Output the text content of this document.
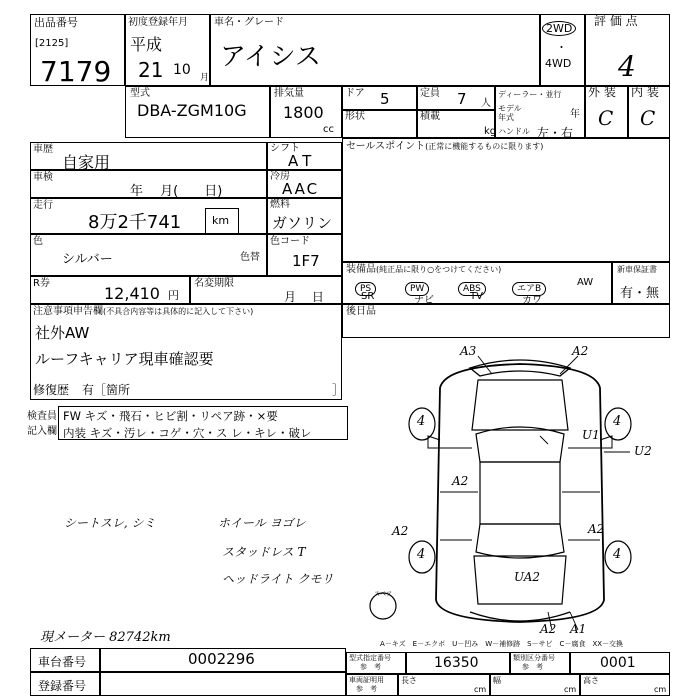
出品番号
[2125]
7179
初度登録年月
平成
21 10 月
車名・グレード
アイシス
2WD
・
4WD
評 価 点
4
型式
DBA-ZGM10G
排気量
1800
cc
ドア 5	定員 7 人
形状	積載
kg
ディーラー・並行
モデル年式	年
ハンドル 左・右
外 装
C
内 装
C
車歴
自家用
車検
年　 月(　　日)
走行
8万2千741	km
色
シルバー	色替
シフト
AT
冷房
AAC
燃料
ガソリン
色コード
1F7
セールスポイント(正常に機能するものに限ります)
装備品(純正品に限り○をつけてください)
PS	PW	ABS	エアB
AW
SR	ナビ	TV	カワ
新車保証書
有・無
R券
12,410 円
名変期限
月　 日
後日品
注意事項申告欄(不具合内容等は具体的に記入して下さい)
社外AW
ルーフキャリア現車確認要
修復歴 有［箇所	］
検査員
記入欄
FW キズ・飛石・ヒビ割・リペア跡・×要
内装 キズ・汚レ・コゲ・穴・ス レ・キレ・破レ
シートスレ, シミ	ホイール ヨゴレ
スタッドレス T
ヘッドライト クモリ
現メーター 82742km
A3	A2
4	4
U1
U2
A2
A2
A2
4	4
UA2
A2 A1
スペア
A－キズ　E－エクボ　U－凹み　W－補修跡　S－サビ　C－腐食　XX－交換
車台番号	0002296
登録番号
型式指定番号
参　考	16350	類別区分番号
参　考	0001
車両証明用
参　考
長さ
cm
幅
cm
高さ
cm
